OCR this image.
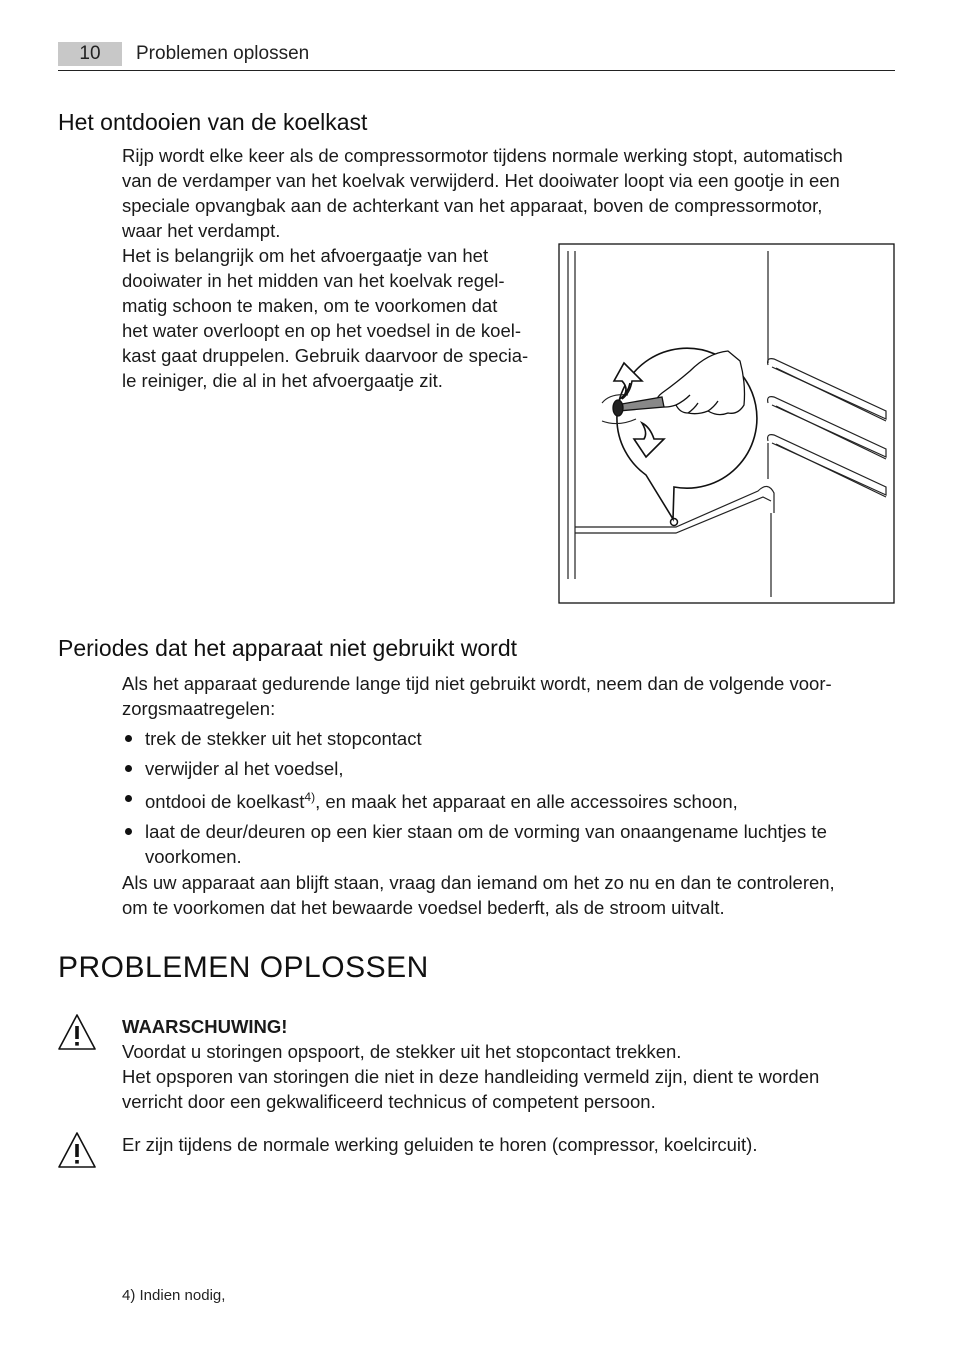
10	Problemen oplossen
Het ontdooien van de koelkast
Rijp wordt elke keer als de compressormotor tijdens normale werking stopt, automatisch
van de verdamper van het koelvak verwijderd. Het dooiwater loopt via een gootje in een
speciale opvangbak aan de achterkant van het apparaat, boven de compressormotor,
waar het verdampt.
Het is belangrijk om het afvoergaatje van het
dooiwater in het midden van het koelvak regel-
matig schoon te maken, om te voorkomen dat
het water overloopt en op het voedsel in de koel-
kast gaat druppelen. Gebruik daarvoor de specia-
le reiniger, die al in het afvoergaatje zit.
Periodes dat het apparaat niet gebruikt wordt
Als het apparaat gedurende lange tijd niet gebruikt wordt, neem dan de volgende voor-
zorgsmaatregelen:
trek de stekker uit het stopcontact
verwijder al het voedsel,
ontdooi de koelkast$^{4)}$, en maak het apparaat en alle accessoires schoon,
laat de deur/deuren op een kier staan om de vorming van onaangename luchtjes te
voorkomen.
Als uw apparaat aan blijft staan, vraag dan iemand om het zo nu en dan te controleren,
om te voorkomen dat het bewaarde voedsel bederft, als de stroom uitvalt.
PROBLEMEN OPLOSSEN
WAARSCHUWING!
Voordat u storingen opspoort, de stekker uit het stopcontact trekken.
Het opsporen van storingen die niet in deze handleiding vermeld zijn, dient te worden
verricht door een gekwalificeerd technicus of competent persoon.
Er zijn tijdens de normale werking geluiden te horen (compressor, koelcircuit).
4) Indien nodig,
